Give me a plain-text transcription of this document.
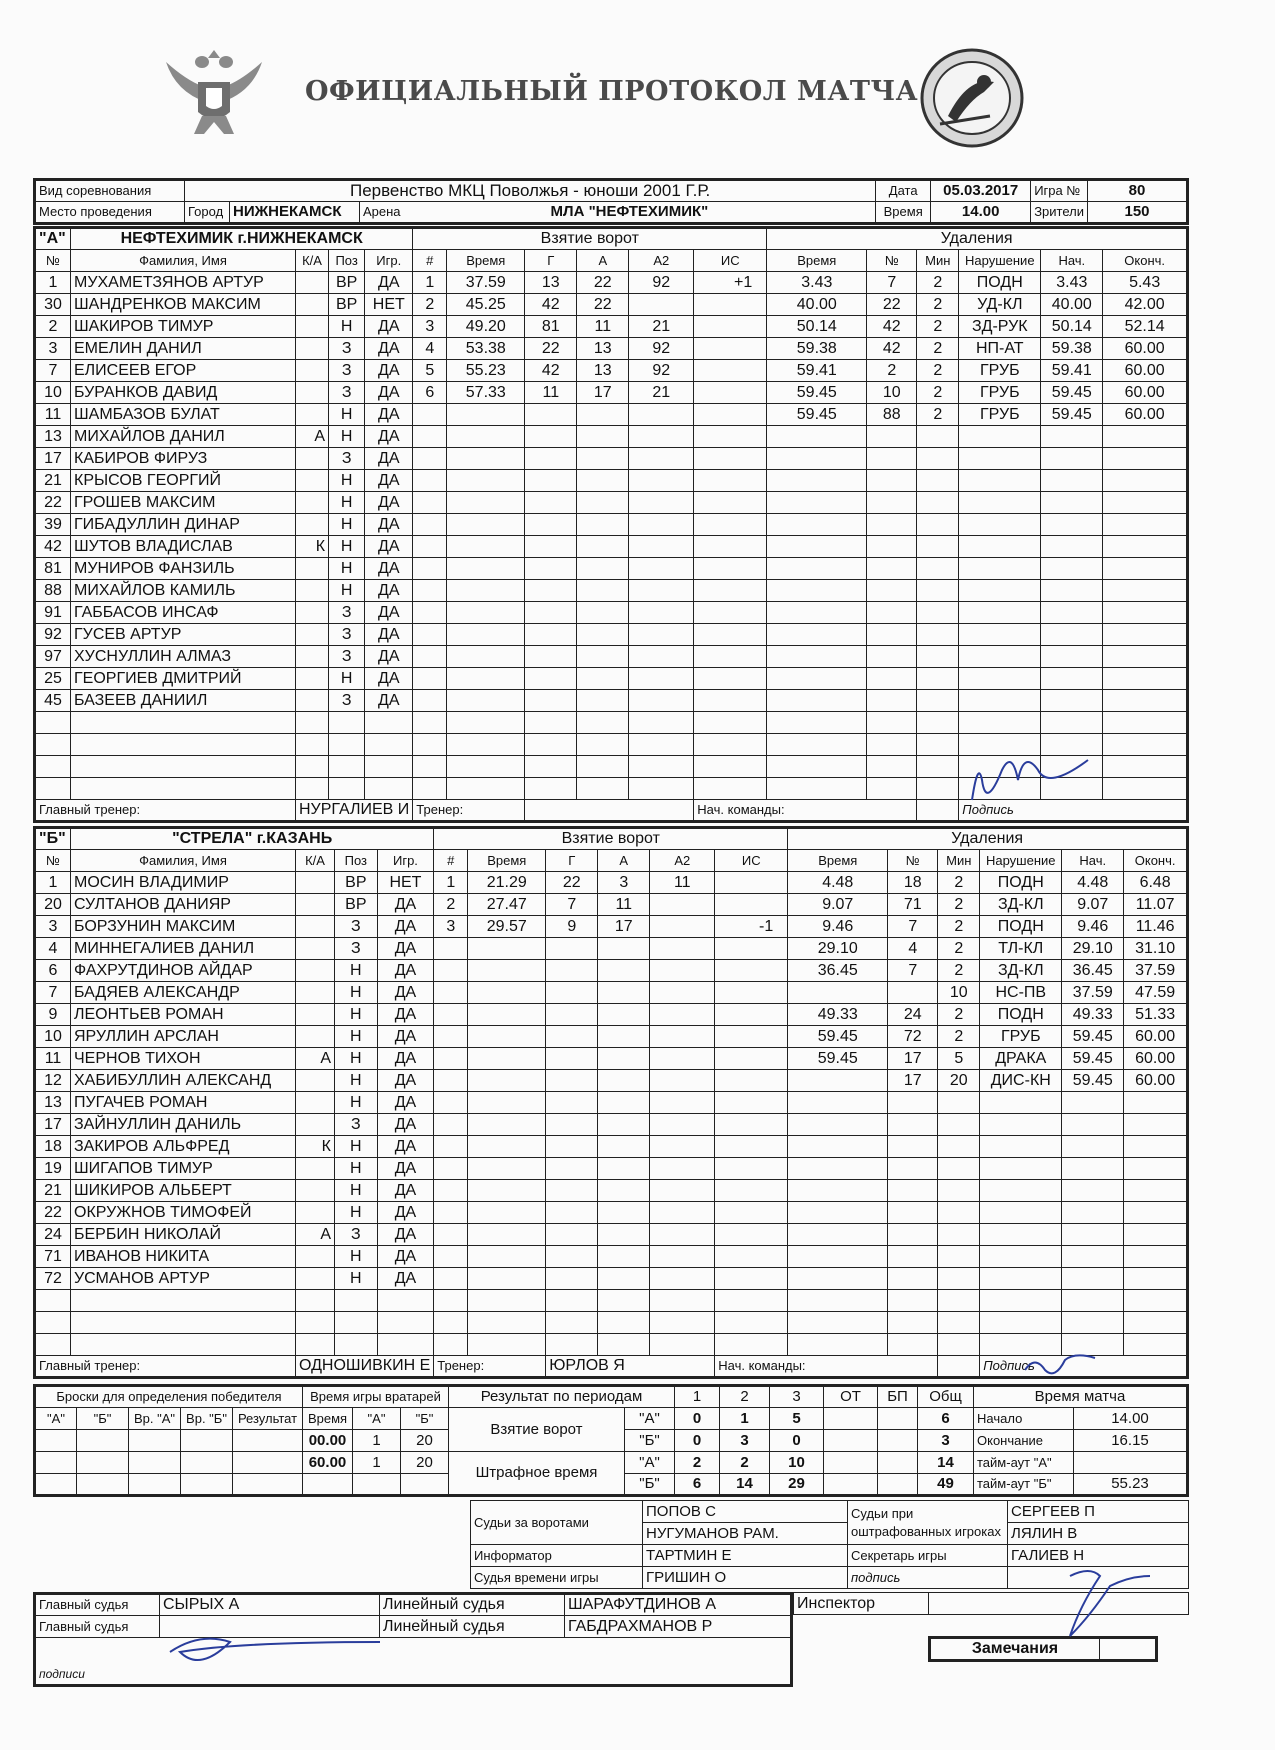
ОФИЦИАЛЬНЫЙ ПРОТОКОЛ МАТЧА
Вид соревнования	Первенство МКЦ Поволжья - юноши 2001 Г.Р.			Дата	05.03.2017	Игра №	80
Место проведения	Город	НИЖНЕКАМСК	Арена МЛА "НЕФТЕХИМИК"	Время	14.00	Зрители	150
"А"	НЕФТЕХИМИК г.НИЖНЕКАМСК				Взятие ворот						Удаления					
№	Фамилия, Имя	К/А	Поз	Игр.	#	Время	Г	А	А2	ИС	Время	№	Мин	Нарушение	Нач.	Оконч.
1	МУХАМЕТЗЯНОВ АРТУР		ВР	ДА	1	37.59	13	22	92	+1	3.43	7	2	ПОДН	3.43	5.43
30	ШАНДРЕНКОВ МАКСИМ		ВР	НЕТ	2	45.25	42	22			40.00	22	2	УД-КЛ	40.00	42.00
2	ШАКИРОВ ТИМУР		Н	ДА	3	49.20	81	11	21		50.14	42	2	ЗД-РУК	50.14	52.14
3	ЕМЕЛИН ДАНИЛ		З	ДА	4	53.38	22	13	92		59.38	42	2	НП-АТ	59.38	60.00
7	ЕЛИСЕЕВ ЕГОР		З	ДА	5	55.23	42	13	92		59.41	2	2	ГРУБ	59.41	60.00
10	БУРАНКОВ ДАВИД		З	ДА	6	57.33	11	17	21		59.45	10	2	ГРУБ	59.45	60.00
11	ШАМБАЗОВ БУЛАТ		Н	ДА							59.45	88	2	ГРУБ	59.45	60.00
13	МИХАЙЛОВ ДАНИЛ	А	Н	ДА												
17	КАБИРОВ ФИРУЗ		З	ДА												
21	КРЫСОВ ГЕОРГИЙ		Н	ДА												
22	ГРОШЕВ МАКСИМ		Н	ДА												
39	ГИБАДУЛЛИН ДИНАР		Н	ДА												
42	ШУТОВ ВЛАДИСЛАВ	К	Н	ДА												
81	МУНИРОВ ФАНЗИЛЬ		Н	ДА												
88	МИХАЙЛОВ КАМИЛЬ		Н	ДА												
91	ГАББАСОВ ИНСАФ		З	ДА												
92	ГУСЕВ АРТУР		З	ДА												
97	ХУСНУЛЛИН АЛМАЗ		З	ДА												
25	ГЕОРГИЕВ ДМИТРИЙ		Н	ДА												
45	БАЗЕЕВ ДАНИИЛ		З	ДА												

Главный тренер:		НУРГАЛИЕВ И			Тренер:					Нач. команды:				Подпись		
"Б"	"СТРЕЛА" г.КАЗАНЬ				Взятие ворот						Удаления					
№	Фамилия, Имя	К/А	Поз	Игр.	#	Время	Г	А	А2	ИС	Время	№	Мин	Нарушение	Нач.	Оконч.
1	МОСИН ВЛАДИМИР		ВР	НЕТ	1	21.29	22	3	11		4.48	18	2	ПОДН	4.48	6.48
20	СУЛТАНОВ ДАНИЯР		ВР	ДА	2	27.47	7	11			9.07	71	2	ЗД-КЛ	9.07	11.07
3	БОРЗУНИН МАКСИМ		З	ДА	3	29.57	9	17		-1	9.46	7	2	ПОДН	9.46	11.46
4	МИННЕГАЛИЕВ ДАНИЛ		З	ДА							29.10	4	2	ТЛ-КЛ	29.10	31.10
6	ФАХРУТДИНОВ АЙДАР		Н	ДА							36.45	7	2	ЗД-КЛ	36.45	37.59
7	БАДЯЕВ АЛЕКСАНДР		Н	ДА									10	НС-ПВ	37.59	47.59
9	ЛЕОНТЬЕВ РОМАН		Н	ДА							49.33	24	2	ПОДН	49.33	51.33
10	ЯРУЛЛИН АРСЛАН		Н	ДА							59.45	72	2	ГРУБ	59.45	60.00
11	ЧЕРНОВ ТИХОН	А	Н	ДА							59.45	17	5	ДРАКА	59.45	60.00
12	ХАБИБУЛЛИН АЛЕКСАНД		Н	ДА								17	20	ДИС-КН	59.45	60.00
13	ПУГАЧЕВ РОМАН		Н	ДА												
17	ЗАЙНУЛЛИН ДАНИЛЬ		З	ДА												
18	ЗАКИРОВ АЛЬФРЕД	К	Н	ДА												
19	ШИГАПОВ ТИМУР		Н	ДА												
21	ШИКИРОВ АЛЬБЕРТ		Н	ДА												
22	ОКРУЖНОВ ТИМОФЕЙ		Н	ДА												
24	БЕРБИН НИКОЛАЙ	А	З	ДА												
71	ИВАНОВ НИКИТА		Н	ДА												
72	УСМАНОВ АРТУР		Н	ДА												

Главный тренер:		ОДНОШИВКИН Е			Тренер:		ЮРЛОВ Я			Нач. команды:				Подпись		
Броски для определения победителя					Время игры вратарей			Результат по периодам		1	2	3	ОТ	БП	Общ	Время матча	
"А"	"Б"	Вр. "А"	Вр. "Б"	Результат	Время	"А"	"Б"	Взятие ворот	"А"	0	1	5			6	Начало	14.00
					00.00	1	20		"Б"	0	3	0			3	Окончание	16.15
					60.00	1	20	Штрафное время	"А"	2	2	10			14	тайм-аут "А"	
									"Б"	6	14	29			49	тайм-аут "Б"	55.23
Судьи за воротами	ПОПОВ С	Судьи при оштрафованных игроках	СЕРГЕЕВ П
	НУГУМАНОВ РАМ.		ЛЯЛИН В
Информатор	ТАРТМИН Е	Секретарь игры	ГАЛИЕВ Н
Судья времени игры	ГРИШИН О	подпись	
Главный судья	СЫРЫХ А	Линейный судья	ШАРАФУТДИНОВ А
Главный судья		Линейный судья	ГАБДРАХМАНОВ Р
подписи			
Инспектор	
Замечания	
